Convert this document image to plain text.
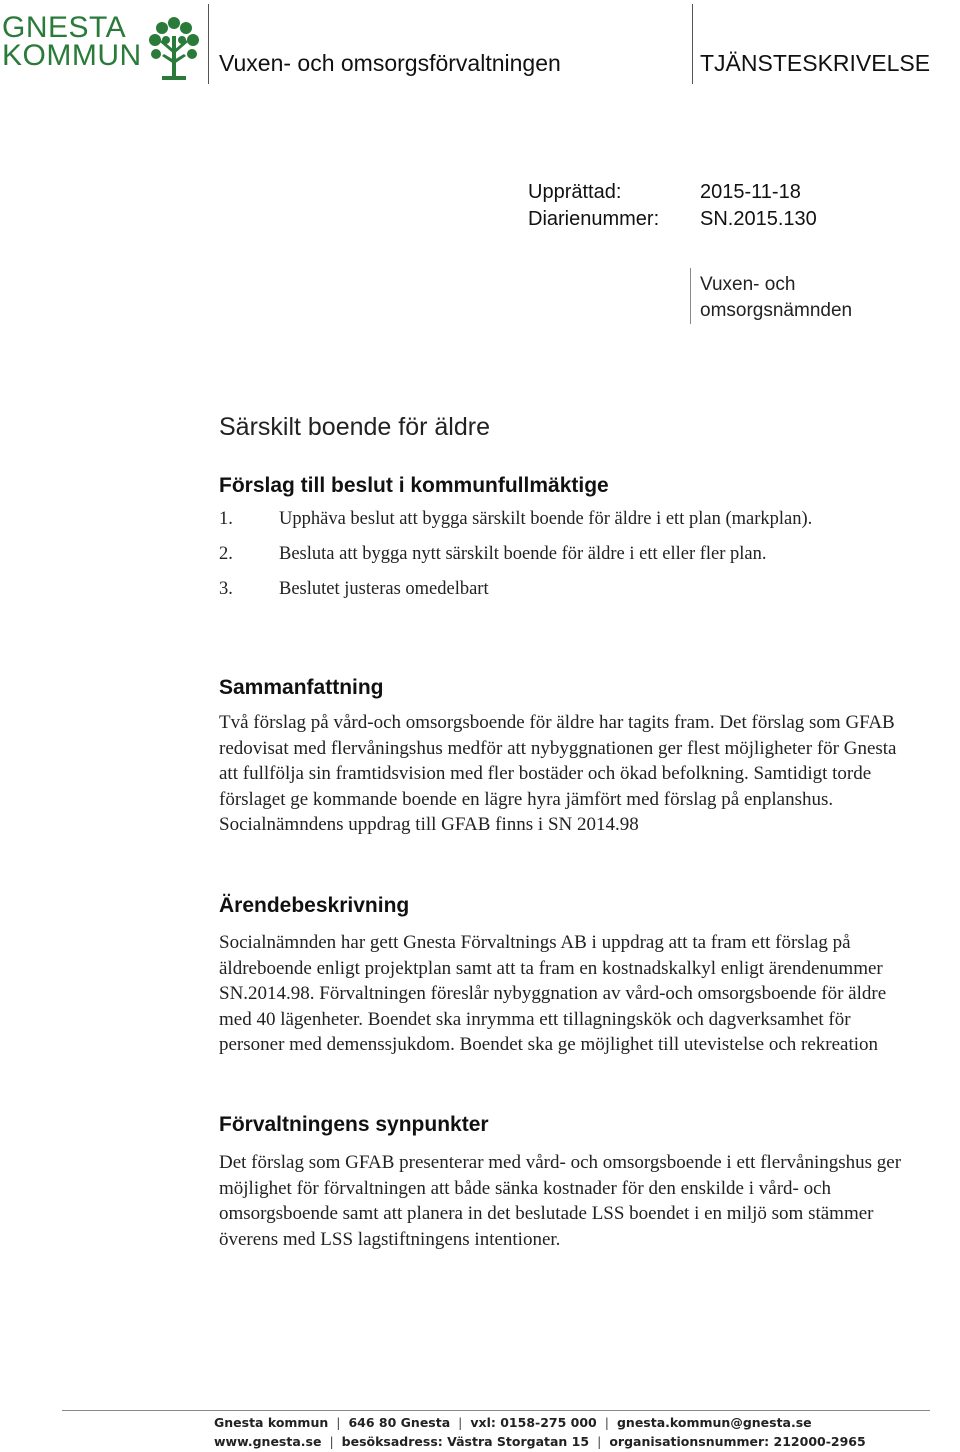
GNESTA
KOMMUN	Vuxen- och omsorgsförvaltningen	TJÄNSTESKRIVELSE
Upprättad:
Diarienummer:
2015-11-18
SN.2015.130
Vuxen- och
omsorgsnämnden
Särskilt boende för äldre
Förslag till beslut i kommunfullmäktige
1. Upphäva beslut att bygga särskilt boende för äldre i ett plan (markplan).
2. Besluta att bygga nytt särskilt boende för äldre i ett eller fler plan.
3. Beslutet justeras omedelbart
Sammanfattning

Två förslag på vård-och omsorgsboende för äldre har tagits fram. Det förslag som GFAB redovisat med flervåningshus medför att nybyggnationen ger flest möjligheter för Gnesta att fullfölja sin framtidsvision med fler bostäder och ökad befolkning. Samtidigt torde förslaget ge kommande boende en lägre hyra jämfört med förslag på enplanshus. Socialnämndens uppdrag till GFAB finns i SN 2014.98

Ärendebeskrivning

Socialnämnden har gett Gnesta Förvaltnings AB i uppdrag att ta fram ett förslag på äldreboende enligt projektplan samt att ta fram en kostnadskalkyl enligt ärendenummer SN.2014.98. Förvaltningen föreslår nybyggnation av vård-och omsorgsboende för äldre med 40 lägenheter. Boendet ska inrymma ett tillagningskök och dagverksamhet för personer med demenssjukdom. Boendet ska ge möjlighet till utevistelse och rekreation

Förvaltningens synpunkter

Det förslag som GFAB presenterar med vård- och omsorgsboende i ett flervåningshus ger möjlighet för förvaltningen att både sänka kostnader för den enskilde i vård- och omsorgsboende samt att planera in det beslutade LSS boendet i en miljö som stämmer överens med LSS lagstiftningens intentioner.

Gnesta kommun | 646 80 Gnesta | vxl: 0158-275 000 | gnesta.kommun@gnesta.se
www.gnesta.se | besöksadress: Västra Storgatan 15 | organisationsnummer: 212000-2965
